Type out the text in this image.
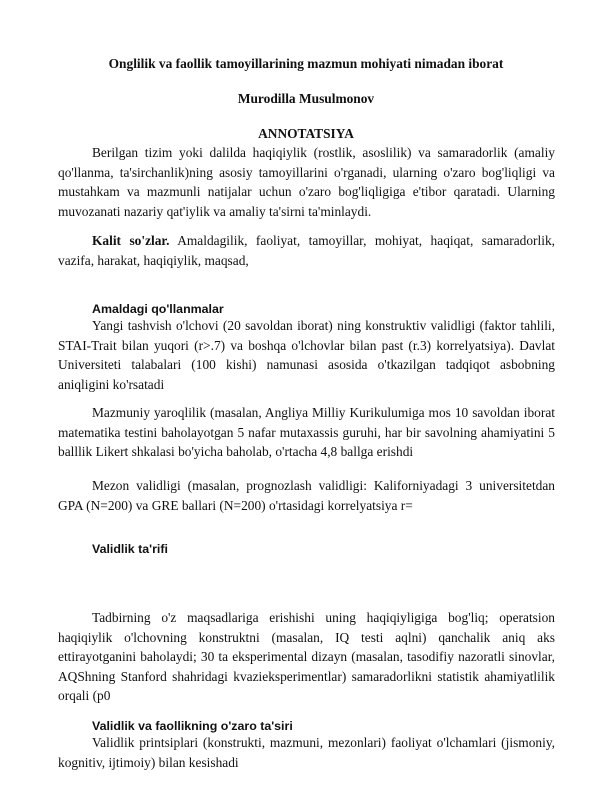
Onglilik va faollik tamoyillarining mazmun mohiyati nimadan iborat
Murodilla Musulmonov
ANNOTATSIYA
Berilgan tizim yoki dalilda haqiqiylik (rostlik, asoslilik) va samaradorlik (amaliy qo'llanma, ta'sirchanlik)ning asosiy tamoyillarini o'rganadi, ularning o'zaro bog'liqligi va mustahkam va mazmunli natijalar uchun o'zaro bog'liqligiga e'tibor qaratadi. Ularning muvozanati nazariy qat'iylik va amaliy ta'sirni ta'minlaydi.
Kalit so'zlar. Amaldagilik, faoliyat, tamoyillar, mohiyat, haqiqat, samaradorlik, vazifa, harakat, haqiqiylik, maqsad,
Amaldagi qo'llanmalar
Yangi tashvish o'lchovi (20 savoldan iborat) ning konstruktiv validligi (faktor tahlili, STAI-Trait bilan yuqori (r>.7) va boshqa o'lchovlar bilan past (r.3) korrelyatsiya). Davlat Universiteti talabalari (100 kishi) namunasi asosida o'tkazilgan tadqiqot asbobning aniqligini ko'rsatadi
Mazmuniy yaroqlilik (masalan, Angliya Milliy Kurikulumiga mos 10 savoldan iborat matematika testini baholayotgan 5 nafar mutaxassis guruhi, har bir savolning ahamiyatini 5 balllik Likert shkalasi bo'yicha baholab, o'rtacha 4,8 ballga erishdi
Mezon validligi (masalan, prognozlash validligi: Kaliforniyadagi 3 universitetdan GPA (N=200) va GRE ballari (N=200) o'rtasidagi korrelyatsiya r=
Validlik ta'rifi
Tadbirning o'z maqsadlariga erishishi uning haqiqiyligiga bog'liq; operatsion haqiqiylik o'lchovning konstruktni (masalan, IQ testi aqlni) qanchalik aniq aks ettirayotganini baholaydi; 30 ta eksperimental dizayn (masalan, tasodifiy nazoratli sinovlar, AQShning Stanford shahridagi kvazieksperimentlar) samaradorlikni statistik ahamiyatlilik orqali (p0
Validlik va faollikning o'zaro ta'siri
Validlik printsiplari (konstrukti, mazmuni, mezonlari) faoliyat o'lchamlari (jismoniy, kognitiv, ijtimoiy) bilan kesishadi
